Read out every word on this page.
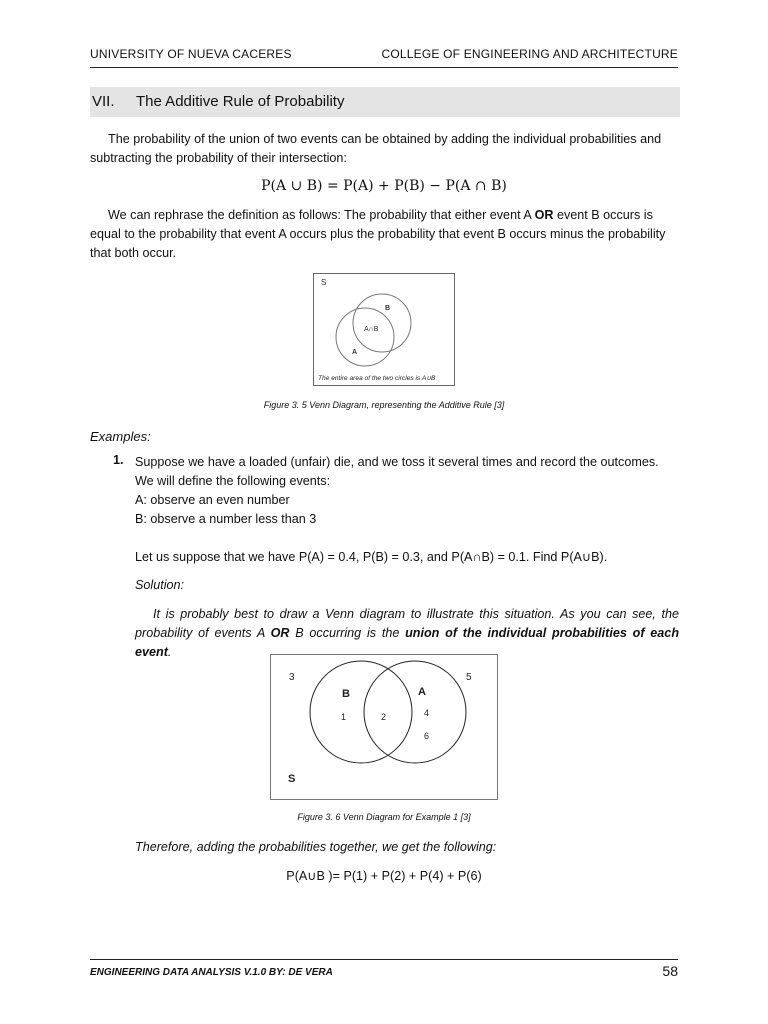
UNIVERSITY OF NUEVA CACERES	COLLEGE OF ENGINEERING AND ARCHITECTURE
VII. The Additive Rule of Probability
The probability of the union of two events can be obtained by adding the individual probabilities and subtracting the probability of their intersection:
P(A ∪ B) = P(A) + P(B) − P(A ∩ B)
We can rephrase the definition as follows: The probability that either event A OR event B occurs is equal to the probability that event A occurs plus the probability that event B occurs minus the probability that both occur.
S
B
A∩B
A
The entire area of the two circles is A∪B
Figure 3. 5 Venn Diagram, representing the Additive Rule [3]
Examples:
1. Suppose we have a loaded (unfair) die, and we toss it several times and record the outcomes.
We will define the following events:
A: observe an even number
B: observe a number less than 3
Let us suppose that we have P(A) = 0.4, P(B) = 0.3, and P(A∩B) = 0.1. Find P(A∪B).
Solution:
It is probably best to draw a Venn diagram to illustrate this situation. As you can see, the probability of events A OR B occurring is the union of the individual probabilities of each event.
3	5
B	A
1	2	4
6
S
Figure 3. 6 Venn Diagram for Example 1 [3]
Therefore, adding the probabilities together, we get the following:
P(A∪B )= P(1) + P(2) + P(4) + P(6)
ENGINEERING DATA ANALYSIS V.1.0 BY: DE VERA	58
